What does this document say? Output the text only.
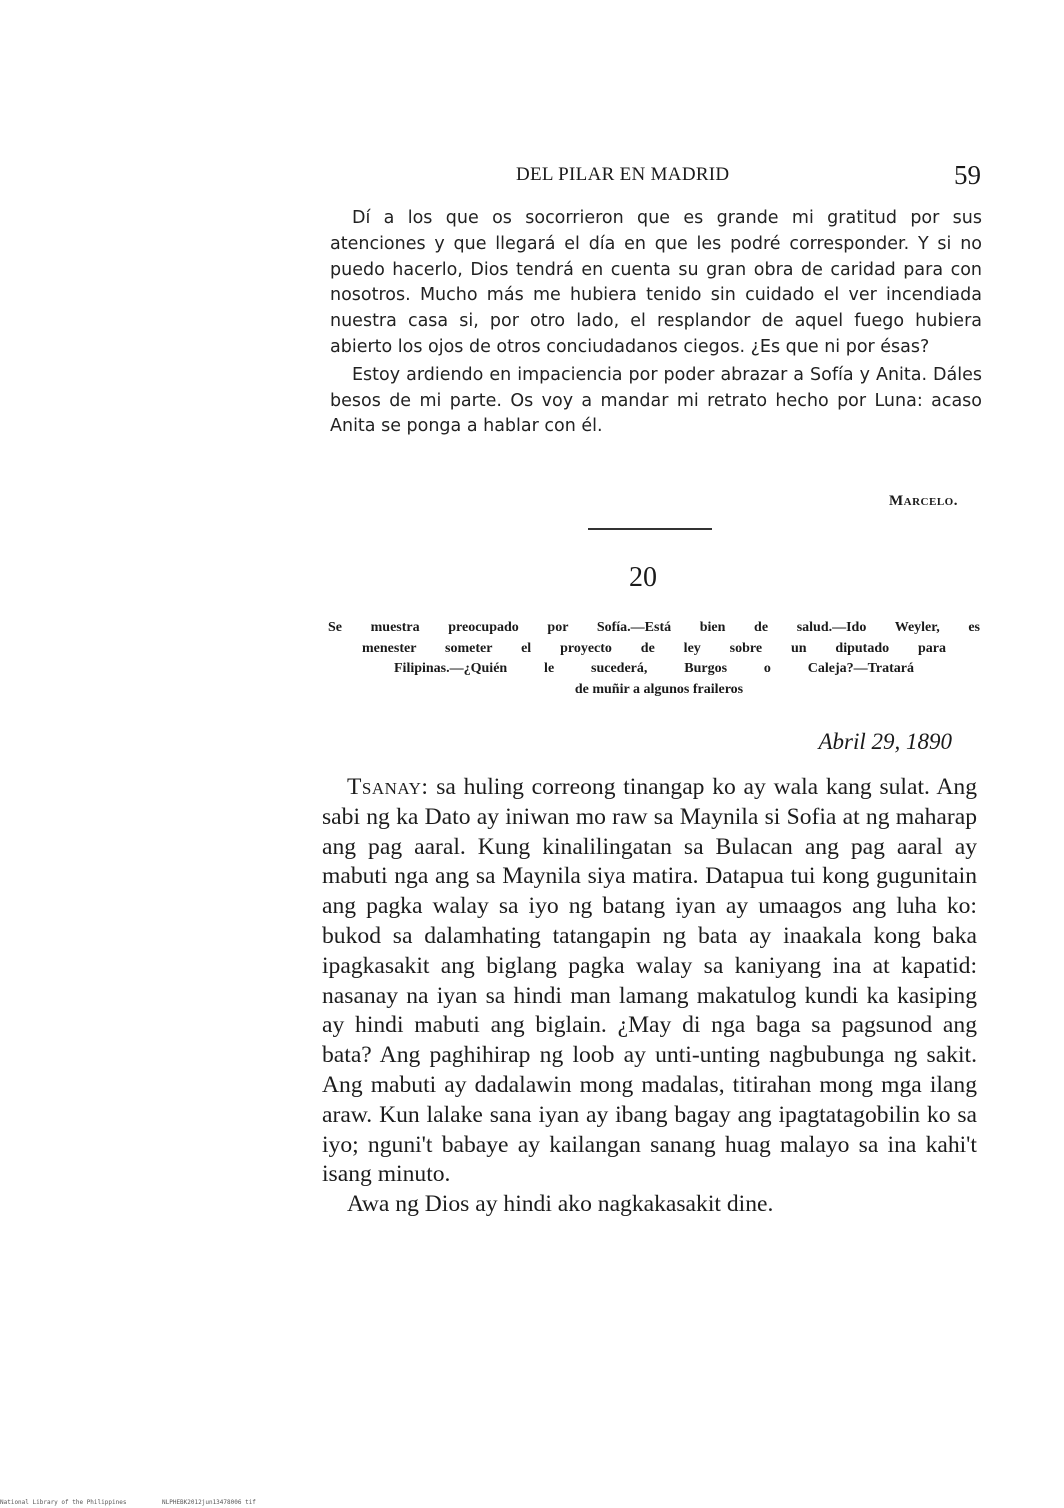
DEL PILAR EN MADRID	59

Dí a los que os socorrieron que es grande mi gratitud por sus atenciones y que llegará el día en que les podré corresponder. Y si no puedo hacerlo, Dios tendrá en cuenta su gran obra de caridad para con nosotros. Mucho más me hubiera tenido sin cuidado el ver incendiada nuestra casa si, por otro lado, el resplandor de aquel fuego hubiera abierto los ojos de otros conciudadanos ciegos. ¿Es que ni por ésas?

Estoy ardiendo en impaciencia por poder abrazar a Sofía y Anita. Dáles besos de mi parte. Os voy a mandar mi retrato hecho por Luna: acaso Anita se ponga a hablar con él.

Marcelo.
20
Se muestra preocupado por Sofía.—Está bien de salud.—Ido Weyler, es
menester someter el proyecto de ley sobre un diputado para
Filipinas.—¿Quién le sucederá, Burgos o Caleja?—Tratará
de muñir a algunos fraileros
Abril 29, 1890

Tsanay: sa huling correong tinangap ko ay wala kang sulat. Ang sabi ng ka Dato ay iniwan mo raw sa Maynila si Sofia at ng maharap ang pag aaral. Kung kinalilingatan sa Bulacan ang pag aaral ay mabuti nga ang sa Maynila siya matira. Datapua tui kong gugunitain ang pagka walay sa iyo ng batang iyan ay umaagos ang luha ko: bukod sa dalamhating tatangapin ng bata ay inaakala kong baka ipagkasakit ang biglang pagka walay sa kaniyang ina at kapatid: nasanay na iyan sa hindi man lamang makatulog kundi ka kasiping ay hindi mabuti ang biglain. ¿May di nga baga sa pagsunod ang bata? Ang paghihirap ng loob ay unti-unting nagbubunga ng sakit. Ang mabuti ay dadalawin mong madalas, titirahan mong mga ilang araw. Kun lalake sana iyan ay ibang bagay ang ipagtatagobilin ko sa iyo; nguni't babaye ay kailangan sanang huag malayo sa ina kahi't isang minuto.

Awa ng Dios ay hindi ako nagkakasakit dine.

National Library of the Philippines	NLPHEBK2012jun13478006 tif
